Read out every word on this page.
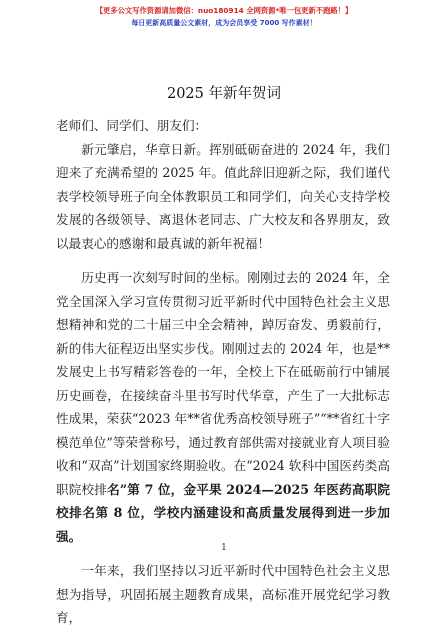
【更多公文写作资源请加微信：nuo180914 全网资源*唯一包更新不跑路！】
每日更新高质量公文素材，成为会员享受 7000 写作素材！
2025 年新年贺词

老师们、同学们、朋友们：

新元肇启，华章日新。挥别砥砺奋进的 2024 年，我们迎来了充满希望的 2025 年。值此辞旧迎新之际，我们谨代表学校领导班子向全体教职员工和同学们，向关心支持学校发展的各级领导、离退休老同志、广大校友和各界朋友，致以最衷心的感谢和最真诚的新年祝福！

历史再一次刻写时间的坐标。刚刚过去的 2024 年，全党全国深入学习宣传贯彻习近平新时代中国特色社会主义思想精神和党的二十届三中全会精神，踔厉奋发、勇毅前行，新的伟大征程迈出坚实步伐。刚刚过去的 2024 年，也是**发展史上书写精彩答卷的一年，全校上下在砥砺前行中铺展历史画卷，在接续奋斗里书写时代华章，产生了一大批标志性成果，荣获“2023 年**省优秀高校领导班子”“**省红十字模范单位”等荣誉称号，通过教育部供需对接就业育人项目验收和“双高”计划国家终期验收。在“2024 软科中国医药类高职院校排名”第 7 位，金平果 2024—2025 年医药高职院校排名第 8 位，学校内涵建设和高质量发展得到进一步加强。

一年来，我们坚持以习近平新时代中国特色社会主义思想为指导，巩固拓展主题教育成果，高标准开展党纪学习教育，

1
